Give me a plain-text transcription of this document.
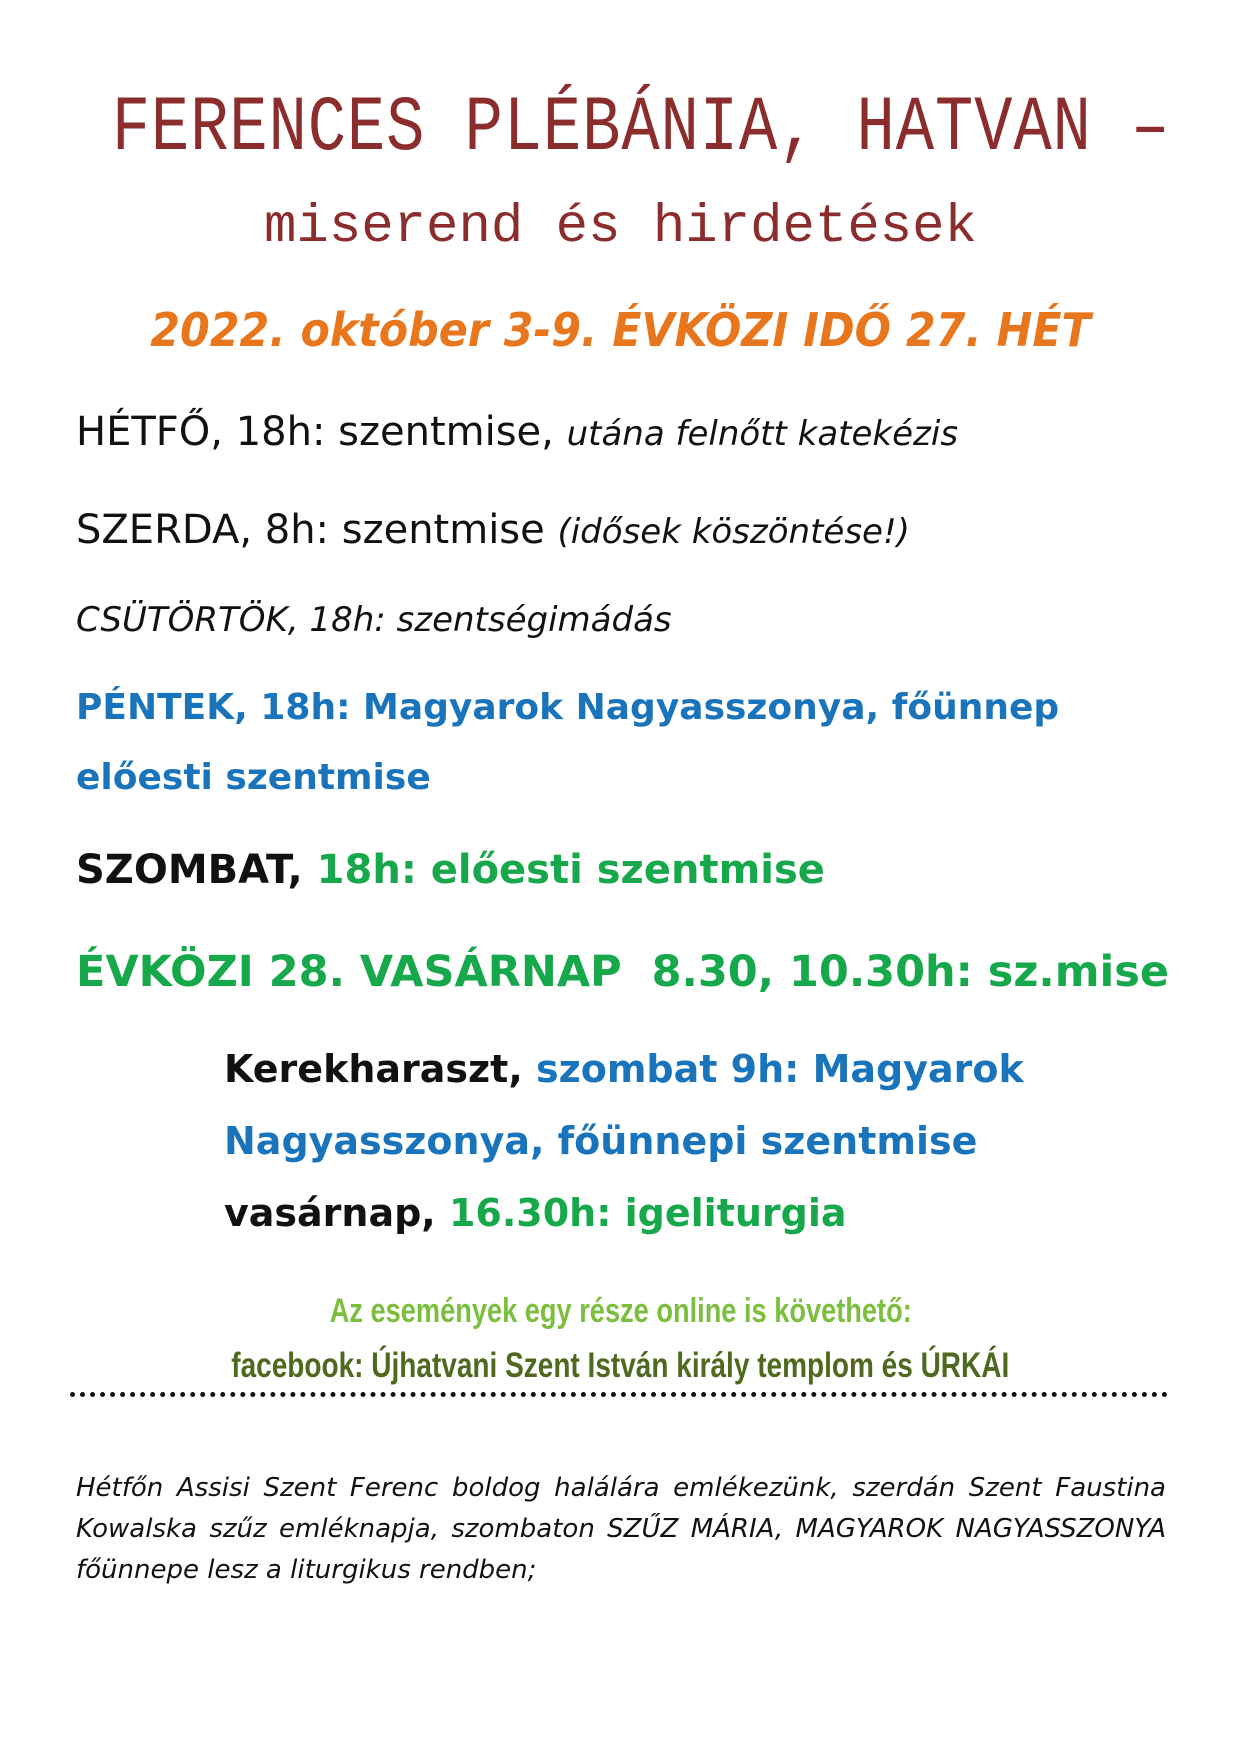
FERENCES PLÉBÁNIA, HATVAN –
miserend és hirdetések
2022. október 3-9. ÉVKÖZI IDŐ 27. HÉT
HÉTFŐ, 18h: szentmise, utána felnőtt katekézis
SZERDA, 8h: szentmise (idősek köszöntése!)
CSÜTÖRTÖK, 18h: szentségimádás
PÉNTEK, 18h: Magyarok Nagyasszonya, főünnep
előesti szentmise
SZOMBAT, 18h: előesti szentmise
ÉVKÖZI 28. VASÁRNAP  8.30, 10.30h: sz.mise
Kerekharaszt, szombat 9h: Magyarok
Nagyasszonya, főünnepi szentmise
vasárnap, 16.30h: igeliturgia
Az események egy része online is követhető:
facebook: Újhatvani Szent István király templom és ÚRKÁI
Hétfőn Assisi Szent Ferenc boldog halálára emlékezünk, szerdán Szent Faustina Kowalska szűz emléknapja, szombaton SZŰZ MÁRIA, MAGYAROK NAGYASSZONYA főünnepe lesz a liturgikus rendben;
